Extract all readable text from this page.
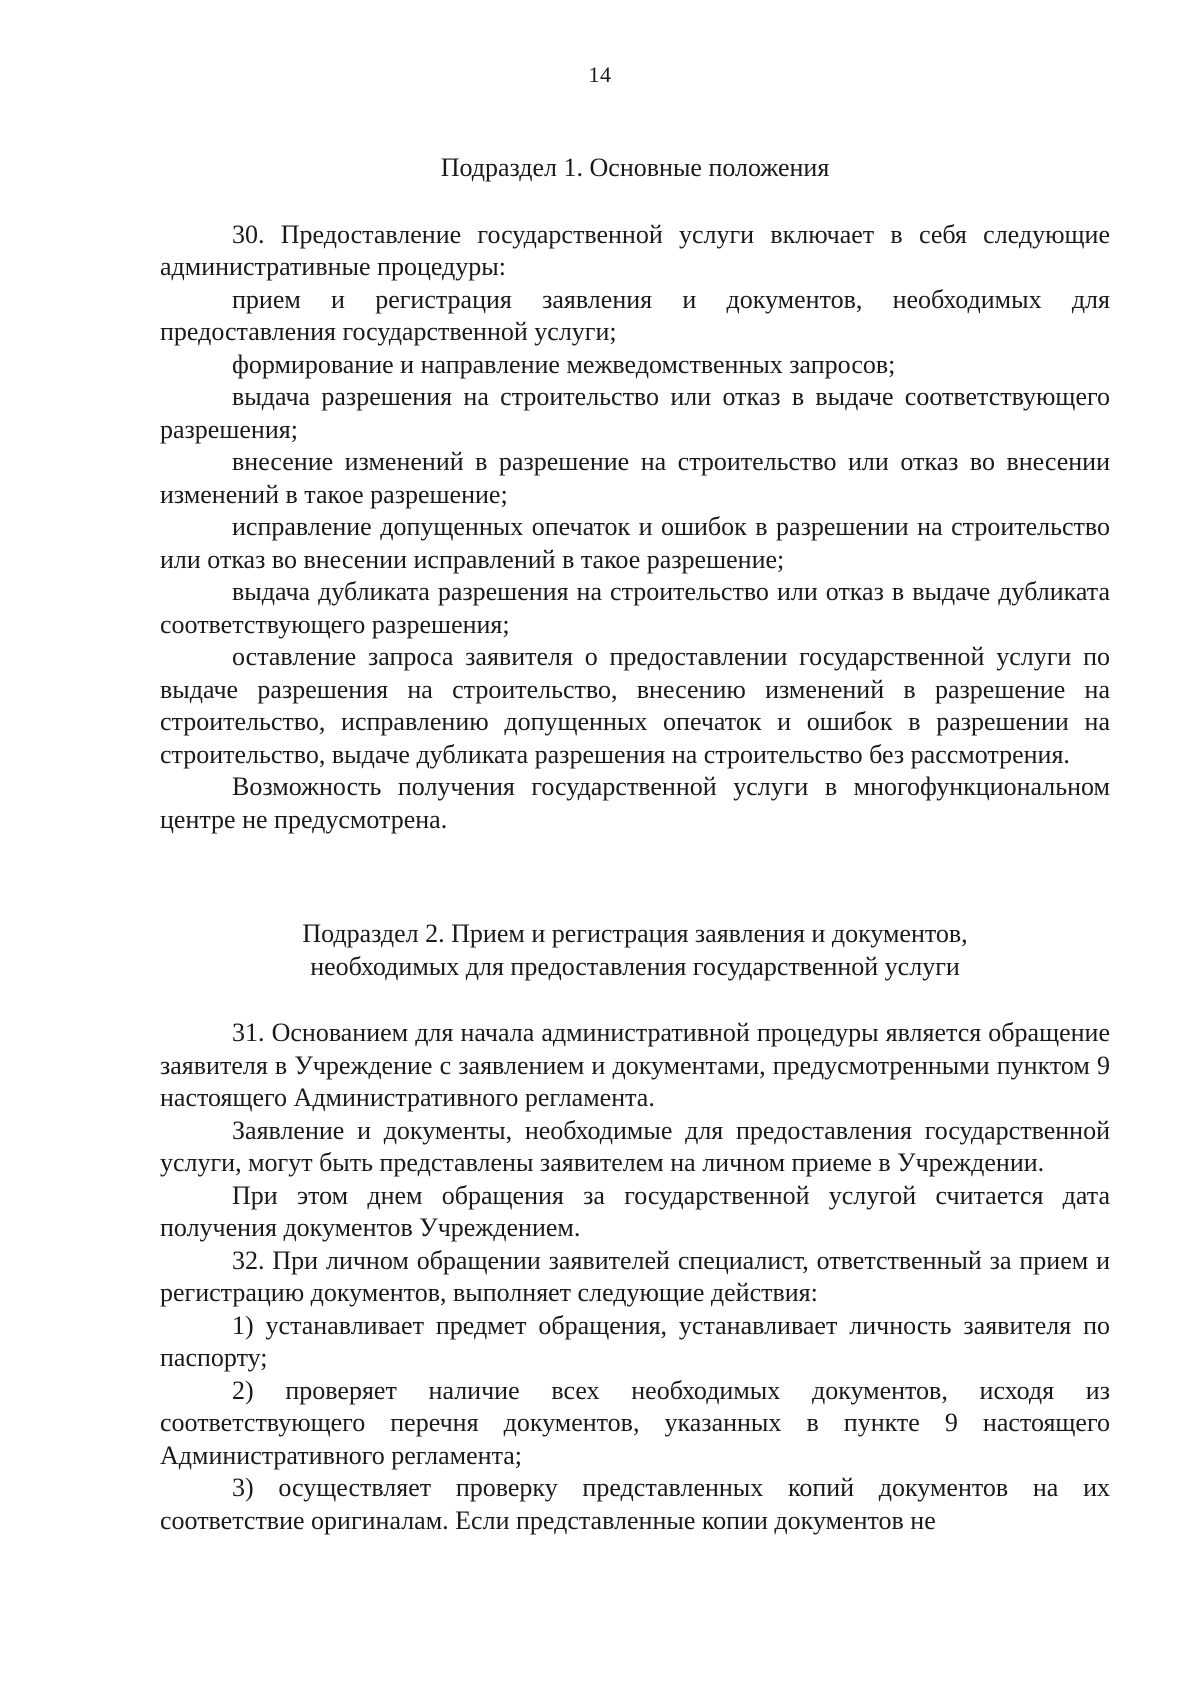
14

Подраздел 1. Основные положения

30. Предоставление государственной услуги включает в себя следующие административные процедуры:

прием и регистрация заявления и документов, необходимых для предоставления государственной услуги;

формирование и направление межведомственных запросов;

выдача разрешения на строительство или отказ в выдаче соответствующего разрешения;

внесение изменений в разрешение на строительство или отказ во внесении изменений в такое разрешение;

исправление допущенных опечаток и ошибок в разрешении на строительство или отказ во внесении исправлений в такое разрешение;

выдача дубликата разрешения на строительство или отказ в выдаче дубликата соответствующего разрешения;

оставление запроса заявителя о предоставлении государственной услуги по выдаче разрешения на строительство, внесению изменений в разрешение на строительство, исправлению допущенных опечаток и ошибок в разрешении на строительство, выдаче дубликата разрешения на строительство без рассмотрения.

Возможность получения государственной услуги в многофункциональном центре не предусмотрена.

Подраздел 2. Прием и регистрация заявления и документов,

необходимых для предоставления государственной услуги

31. Основанием для начала административной процедуры является обращение заявителя в Учреждение с заявлением и документами, предусмотренными пунктом 9 настоящего Административного регламента.

Заявление и документы, необходимые для предоставления государственной услуги, могут быть представлены заявителем на личном приеме в Учреждении.

При этом днем обращения за государственной услугой считается дата получения документов Учреждением.

32. При личном обращении заявителей специалист, ответственный за прием и регистрацию документов, выполняет следующие действия:

1) устанавливает предмет обращения, устанавливает личность заявителя по паспорту;

2) проверяет наличие всех необходимых документов, исходя из соответствующего перечня документов, указанных в пункте 9 настоящего Административного регламента;

3) осуществляет проверку представленных копий документов на их соответствие оригиналам. Если представленные копии документов не
